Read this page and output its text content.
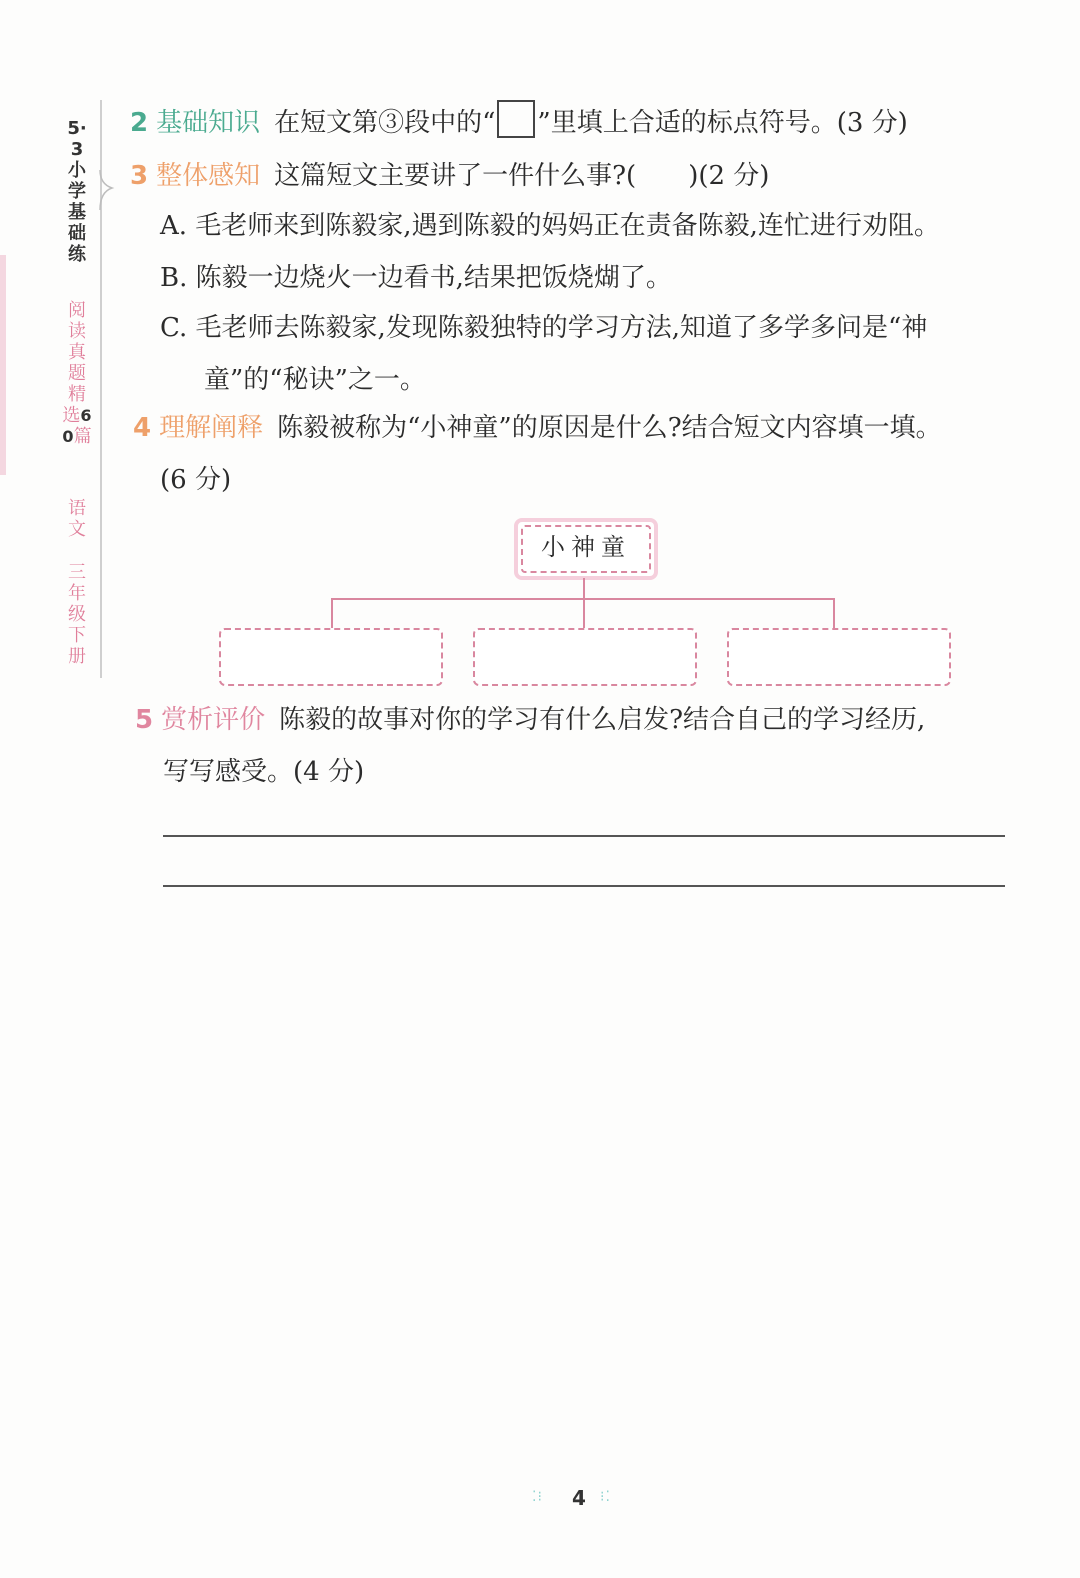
5·3小学基础练
阅读真题精选60篇
语文
三年级下册
2 基础知识 在短文第③段中的“ ”里填上合适的标点符号。(3 分)
3 整体感知 这篇短文主要讲了一件什么事?(　　)(2 分)
A. 毛老师来到陈毅家,遇到陈毅的妈妈正在责备陈毅,连忙进行劝阻。
B. 陈毅一边烧火一边看书,结果把饭烧煳了。
C. 毛老师去陈毅家,发现陈毅独特的学习方法,知道了多学多问是“神
童”的“秘诀”之一。
4 理解阐释 陈毅被称为“小神童”的原因是什么?结合短文内容填一填。
(6 分)
小神童
5 赏析评价 陈毅的故事对你的学习有什么启发?结合自己的学习经历,
写写感受。(4 分)
⁚⁝ 4 ⁝⁚
